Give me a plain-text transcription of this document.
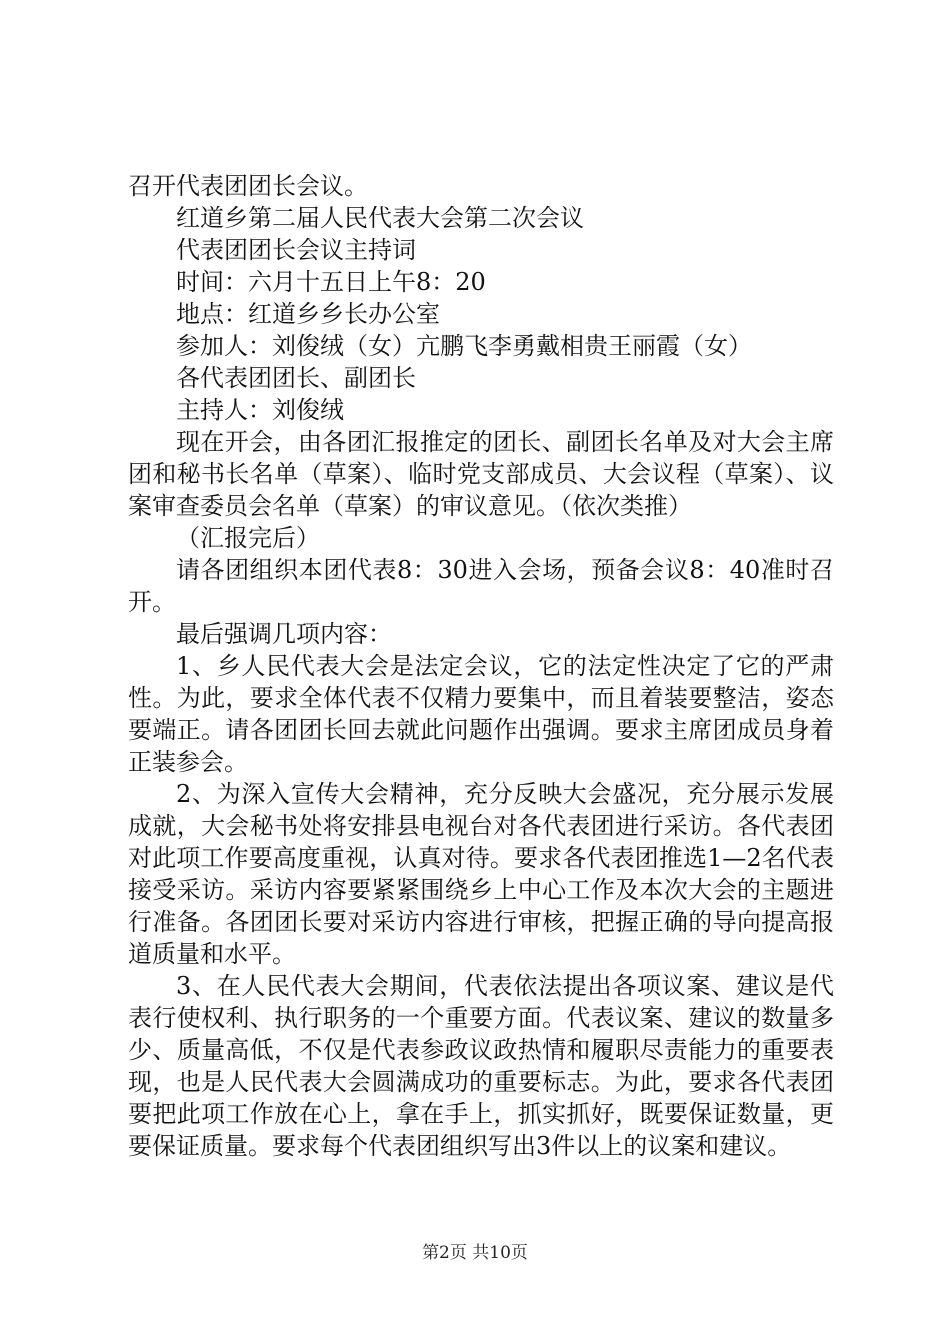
召开代表团团长会议。

红道乡第二届人民代表大会第二次会议

代表团团长会议主持词

时间：六月十五日上午8：20

地点：红道乡乡长办公室

参加人：刘俊绒（女）亢鹏飞李勇戴相贵王丽霞（女）

各代表团团长、副团长

主持人：刘俊绒

现在开会，由各团汇报推定的团长、副团长名单及对大会主席团和秘书长名单（草案）、临时党支部成员、大会议程（草案）、议案审查委员会名单（草案）的审议意见。（依次类推）

（汇报完后）

请各团组织本团代表8：30进入会场，预备会议8：40准时召开。

最后强调几项内容：

1、乡人民代表大会是法定会议，它的法定性决定了它的严肃性。为此，要求全体代表不仅精力要集中，而且着装要整洁，姿态要端正。请各团团长回去就此问题作出强调。要求主席团成员身着正装参会。

2、为深入宣传大会精神，充分反映大会盛况，充分展示发展成就，大会秘书处将安排县电视台对各代表团进行采访。各代表团对此项工作要高度重视，认真对待。要求各代表团推选1—2名代表接受采访。采访内容要紧紧围绕乡上中心工作及本次大会的主题进行准备。各团团长要对采访内容进行审核，把握正确的导向提高报道质量和水平。

3、在人民代表大会期间，代表依法提出各项议案、建议是代表行使权利、执行职务的一个重要方面。代表议案、建议的数量多少、质量高低，不仅是代表参政议政热情和履职尽责能力的重要表现，也是人民代表大会圆满成功的重要标志。为此，要求各代表团要把此项工作放在心上，拿在手上，抓实抓好，既要保证数量，更要保证质量。要求每个代表团组织写出3件以上的议案和建议。

第2页 共10页
